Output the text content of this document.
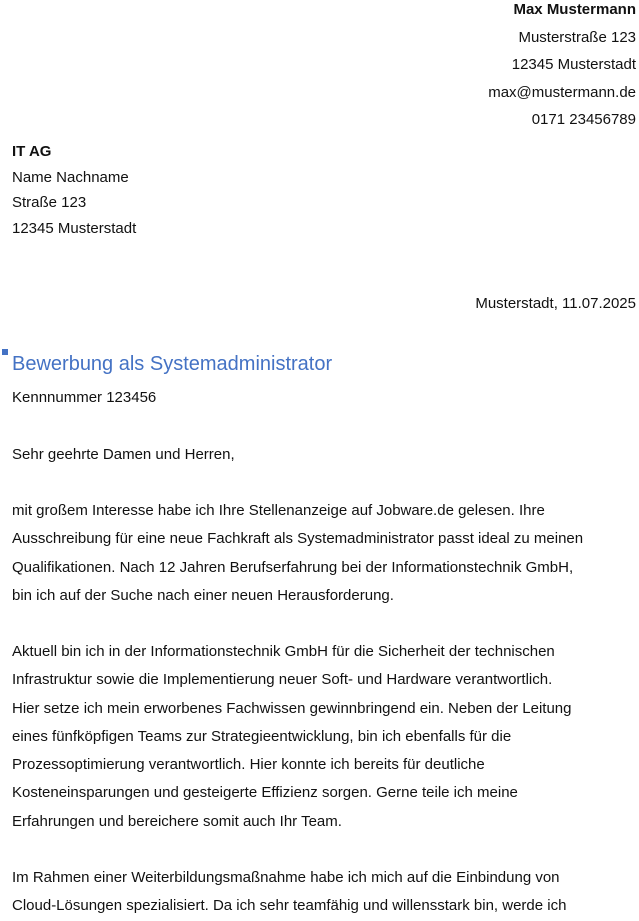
Max Mustermann
Musterstraße 123
12345 Musterstadt
max@mustermann.de
0171 23456789
IT AG
Name Nachname
Straße 123
12345 Musterstadt
Musterstadt, 11.07.2025
Bewerbung als Systemadministrator
Kennnummer 123456
Sehr geehrte Damen und Herren,
mit großem Interesse habe ich Ihre Stellenanzeige auf Jobware.de gelesen. Ihre
Ausschreibung für eine neue Fachkraft als Systemadministrator passt ideal zu meinen
Qualifikationen. Nach 12 Jahren Berufserfahrung bei der Informationstechnik GmbH,
bin ich auf der Suche nach einer neuen Herausforderung.
Aktuell bin ich in der Informationstechnik GmbH für die Sicherheit der technischen
Infrastruktur sowie die Implementierung neuer Soft- und Hardware verantwortlich.
Hier setze ich mein erworbenes Fachwissen gewinnbringend ein. Neben der Leitung
eines fünfköpfigen Teams zur Strategieentwicklung, bin ich ebenfalls für die
Prozessoptimierung verantwortlich. Hier konnte ich bereits für deutliche
Kosteneinsparungen und gesteigerte Effizienz sorgen. Gerne teile ich meine
Erfahrungen und bereichere somit auch Ihr Team.
Im Rahmen einer Weiterbildungsmaßnahme habe ich mich auf die Einbindung von
Cloud-Lösungen spezialisiert. Da ich sehr teamfähig und willensstark bin, werde ich
